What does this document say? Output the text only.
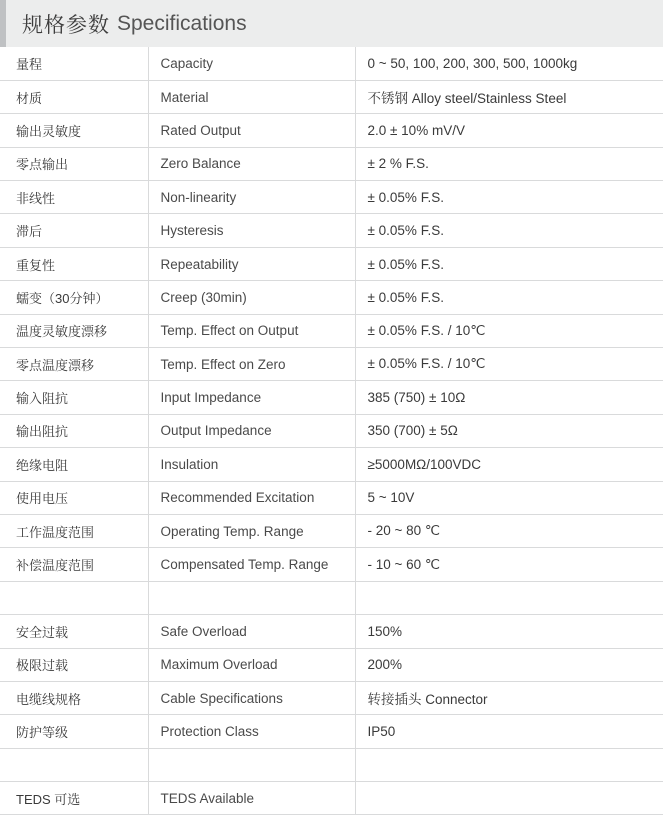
规格参数 Specifications
量程	Capacity	0 ~ 50, 100, 200, 300, 500, 1000kg
材质	Material	不锈钢 Alloy steel/Stainless Steel
输出灵敏度	Rated Output	2.0 ± 10% mV/V
零点输出	Zero Balance	± 2 % F.S.
非线性	Non-linearity	± 0.05% F.S.
滞后	Hysteresis	± 0.05% F.S.
重复性	Repeatability	± 0.05% F.S.
蠕变（30分钟）	Creep (30min)	± 0.05% F.S.
温度灵敏度漂移	Temp. Effect on Output	± 0.05% F.S. / 10℃
零点温度漂移	Temp. Effect on Zero	± 0.05% F.S. / 10℃
输入阻抗	Input Impedance	385 (750) ± 10Ω
输出阻抗	Output Impedance	350 (700) ± 5Ω
绝缘电阻	Insulation	≥5000MΩ/100VDC
使用电压	Recommended Excitation	5 ~ 10V
工作温度范围	Operating Temp. Range	- 20 ~ 80 ℃
补偿温度范围	Compensated Temp. Range	- 10 ~ 60 ℃

安全过载	Safe Overload	150%
极限过载	Maximum Overload	200%
电缆线规格	Cable Specifications	转接插头 Connector
防护等级	Protection Class	IP50

TEDS 可选	TEDS Available	
